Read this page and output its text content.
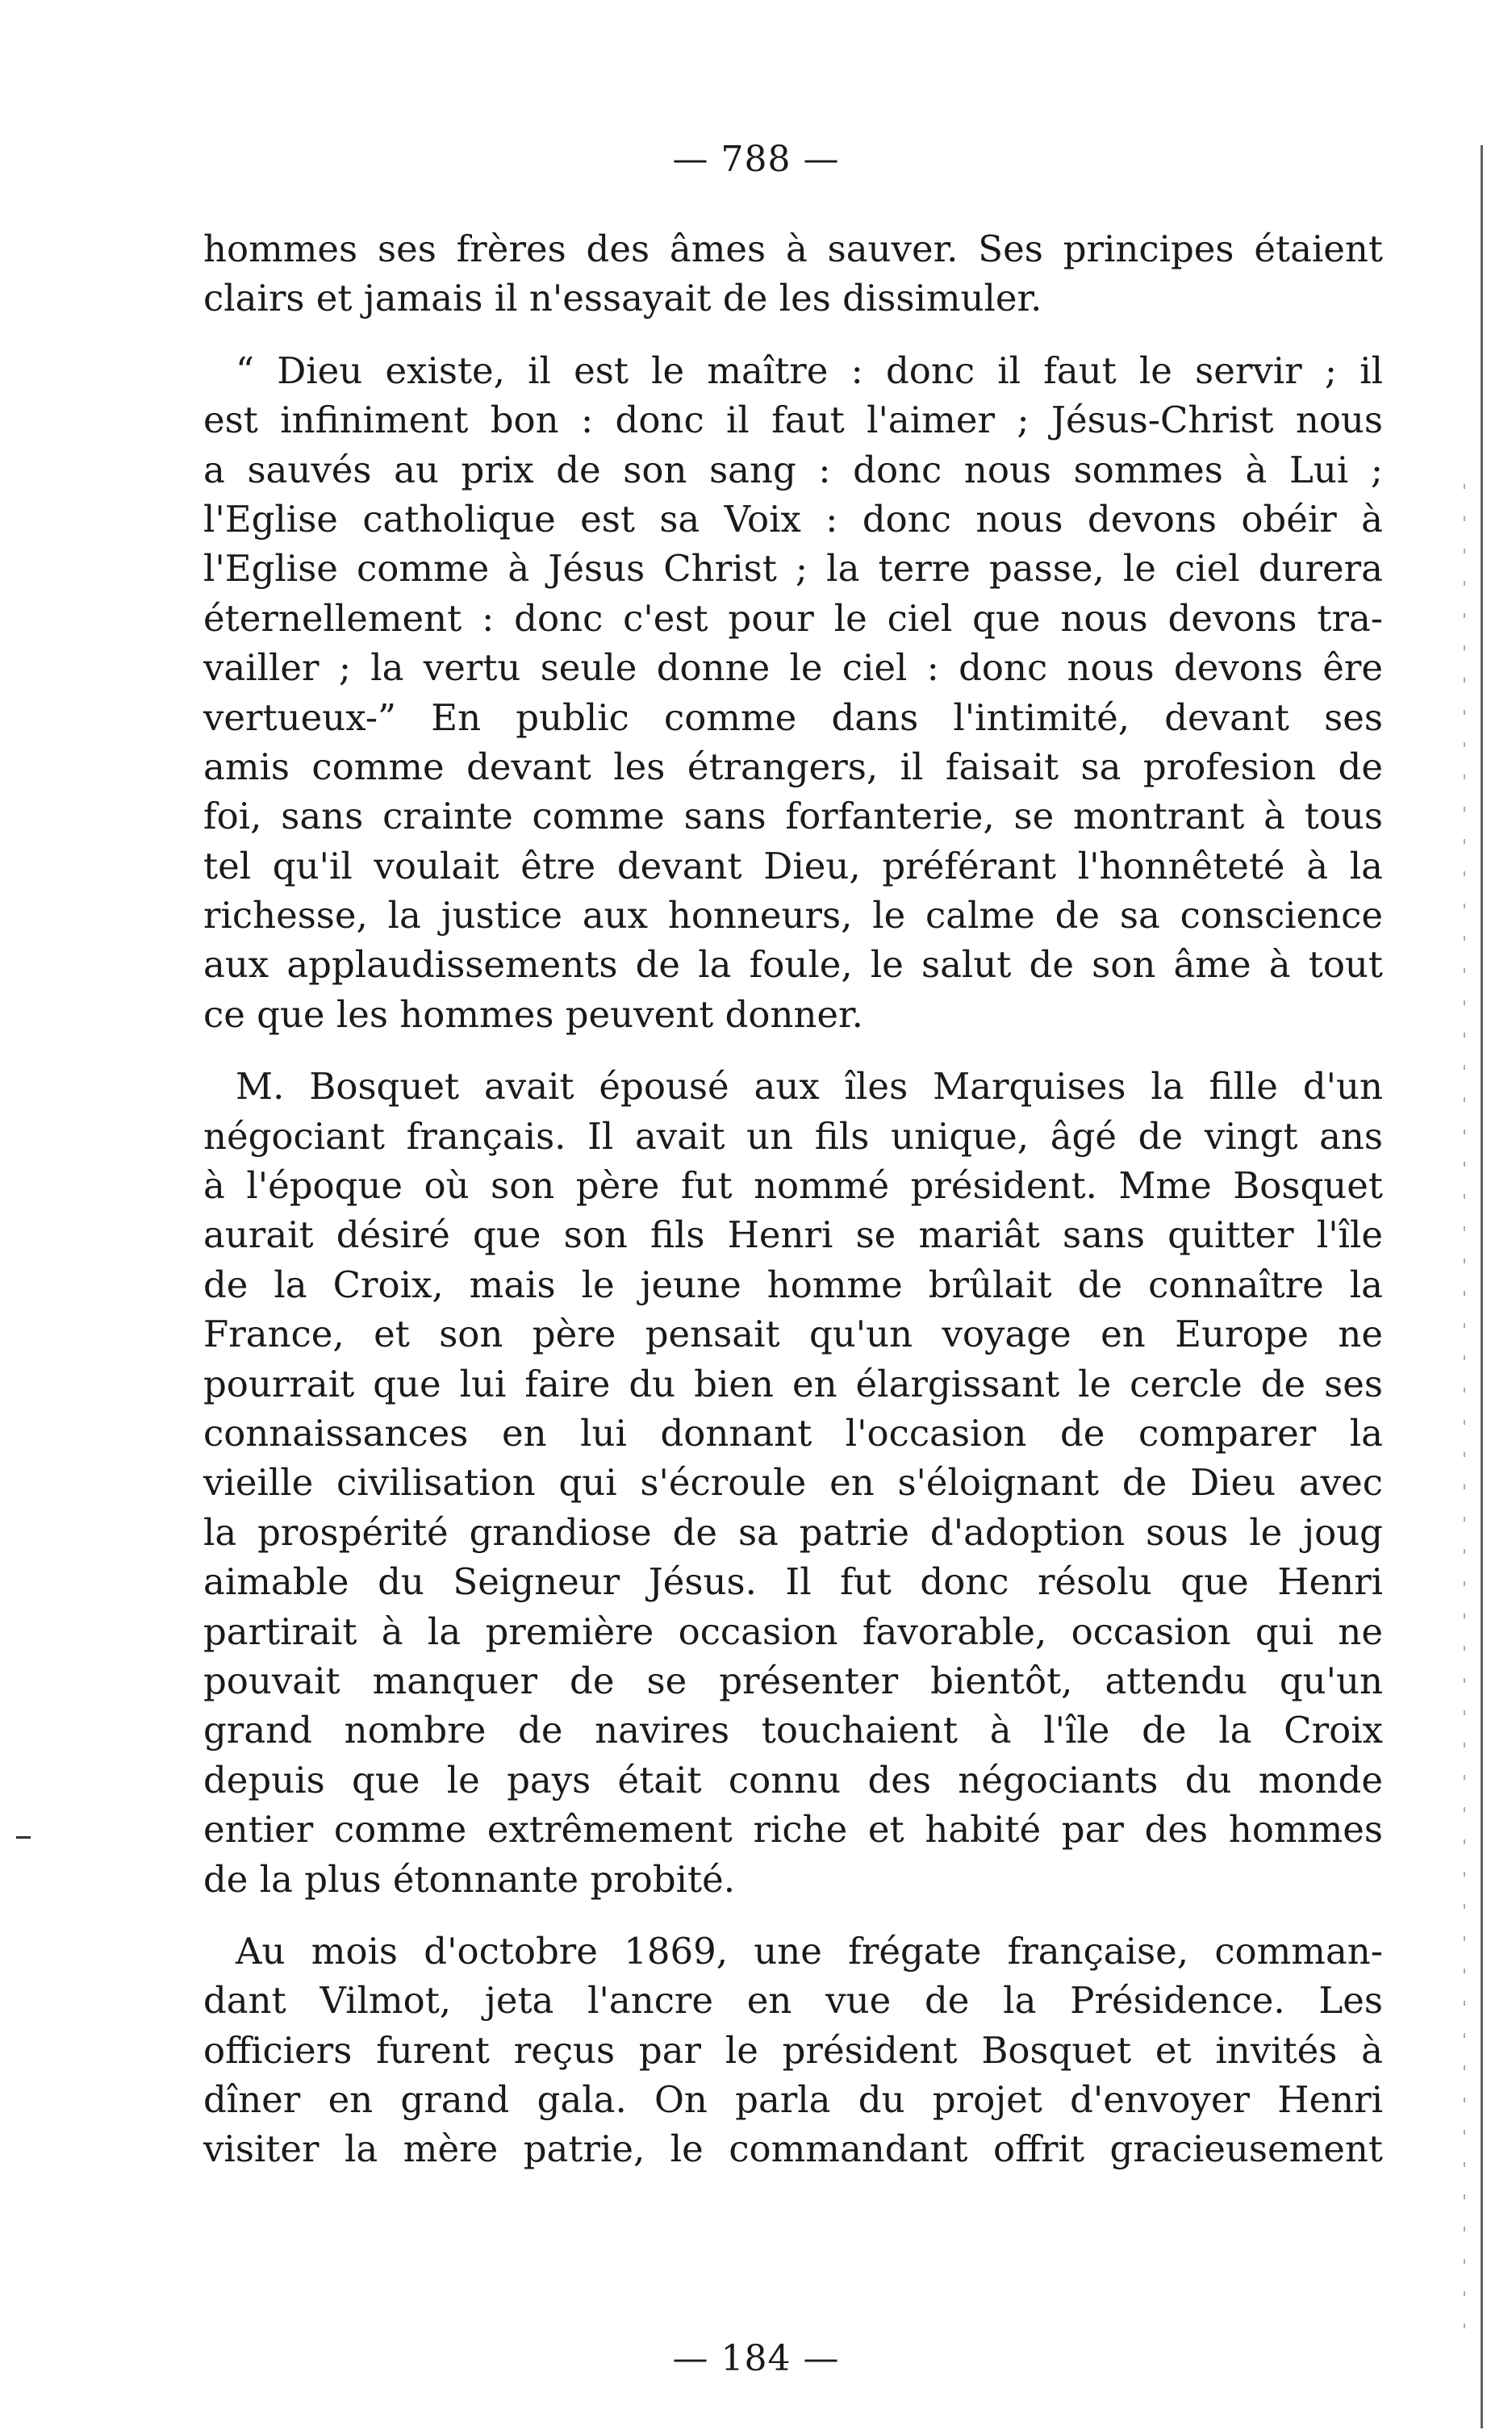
— 788 —
hommes ses frères des âmes à sauver. Ses principes étaient
clairs et jamais il n'essayait de les dissimuler.
“ Dieu existe, il est le maître : donc il faut le servir ; il
est infiniment bon : donc il faut l'aimer ; Jésus-Christ nous
a sauvés au prix de son sang : donc nous sommes à Lui ;
l'Eglise catholique est sa Voix : donc nous devons obéir à
l'Eglise comme à Jésus Christ ; la terre passe, le ciel durera
éternellement : donc c'est pour le ciel que nous devons tra-
vailler ; la vertu seule donne le ciel : donc nous devons êre
vertueux-” En public comme dans l'intimité, devant ses
amis comme devant les étrangers, il faisait sa profesion de
foi, sans crainte comme sans forfanterie, se montrant à tous
tel qu'il voulait être devant Dieu, préférant l'honnêteté à la
richesse, la justice aux honneurs, le calme de sa conscience
aux applaudissements de la foule, le salut de son âme à tout
ce que les hommes peuvent donner.
M. Bosquet avait épousé aux îles Marquises la fille d'un
négociant français. Il avait un fils unique, âgé de vingt ans
à l'époque où son père fut nommé président. Mme Bosquet
aurait désiré que son fils Henri se mariât sans quitter l'île
de la Croix, mais le jeune homme brûlait de connaître la
France, et son père pensait qu'un voyage en Europe ne
pourrait que lui faire du bien en élargissant le cercle de ses
connaissances en lui donnant l'occasion de comparer la
vieille civilisation qui s'écroule en s'éloignant de Dieu avec
la prospérité grandiose de sa patrie d'adoption sous le joug
aimable du Seigneur Jésus. Il fut donc résolu que Henri
partirait à la première occasion favorable, occasion qui ne
pouvait manquer de se présenter bientôt, attendu qu'un
grand nombre de navires touchaient à l'île de la Croix
depuis que le pays était connu des négociants du monde
entier comme extrêmement riche et habité par des hommes
de la plus étonnante probité.
Au mois d'octobre 1869, une frégate française, comman-
dant Vilmot, jeta l'ancre en vue de la Présidence. Les
officiers furent reçus par le président Bosquet et invités à
dîner en grand gala. On parla du projet d'envoyer Henri
visiter la mère patrie, le commandant offrit gracieusement
— 184 —
